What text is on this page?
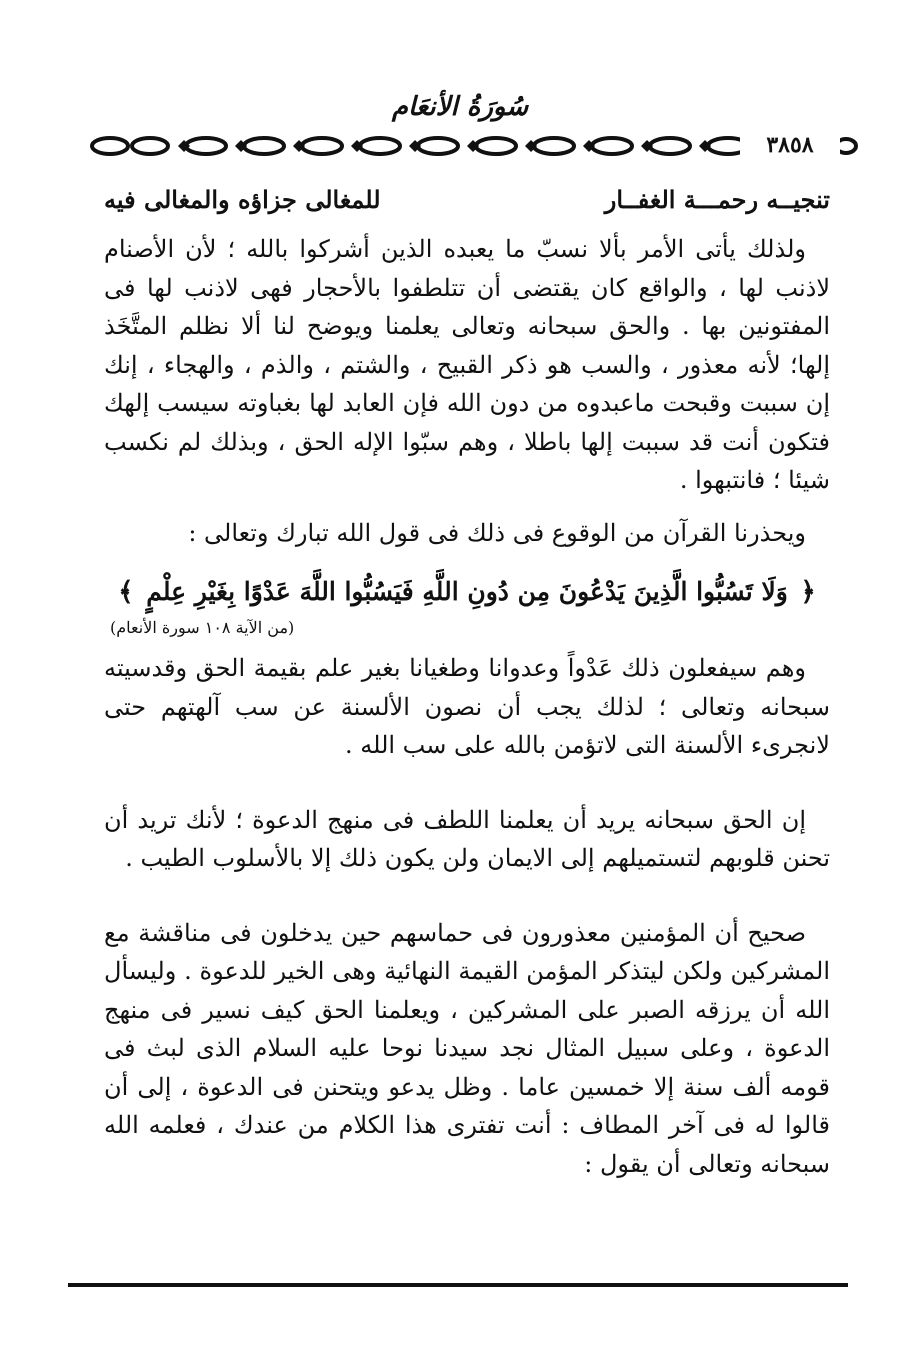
سُورَةُ الأنعَام
٣٨٥٨
للمغالى جزاؤه والمغالى فيه	تنجيــه رحمـــة الغفــار

ولذلك يأتى الأمر بألا نسبّ ما يعبده الذين أشركوا بالله ؛ لأن الأصنام لاذنب لها ، والواقع كان يقتضى أن تتلطفوا بالأحجار فهى لاذنب لها فى المفتونين بها . والحق سبحانه وتعالى يعلمنا ويوضح لنا ألا نظلم المتَّخَذ إلها؛ لأنه معذور ، والسب هو ذكر القبيح ، والشتم ، والذم ، والهجاء ، إنك إن سببت وقبحت ماعبدوه من دون الله فإن العابد لها بغباوته سيسب إلهك فتكون أنت قد سببت إلها باطلا ، وهم سبّوا الإله الحق ، وبذلك لم نكسب شيئا ؛ فانتبهوا .

ويحذرنا القرآن من الوقوع فى ذلك فى قول الله تبارك وتعالى :

﴿ وَلَا تَسُبُّوا الَّذِينَ يَدْعُونَ مِن دُونِ اللَّهِ فَيَسُبُّوا اللَّهَ عَدْوًا بِغَيْرِ عِلْمٍ ﴾
(من الآية ١٠٨ سورة الأنعام)

وهم سيفعلون ذلك عَدْواً وعدوانا وطغيانا بغير علم بقيمة الحق وقدسيته سبحانه وتعالى ؛ لذلك يجب أن نصون الألسنة عن سب آلهتهم حتى لانجرىء الألسنة التى لاتؤمن بالله على سب الله .

إن الحق سبحانه يريد أن يعلمنا اللطف فى منهج الدعوة ؛ لأنك تريد أن تحنن قلوبهم لتستميلهم إلى الايمان ولن يكون ذلك إلا بالأسلوب الطيب .

صحيح أن المؤمنين معذورون فى حماسهم حين يدخلون فى مناقشة مع المشركين ولكن ليتذكر المؤمن القيمة النهائية وهى الخير للدعوة . وليسأل الله أن يرزقه الصبر على المشركين ، ويعلمنا الحق كيف نسير فى منهج الدعوة ، وعلى سبيل المثال نجد سيدنا نوحا عليه السلام الذى لبث فى قومه ألف سنة إلا خمسين عاما . وظل يدعو ويتحنن فى الدعوة ، إلى أن قالوا له فى آخر المطاف : أنت تفترى هذا الكلام من عندك ، فعلمه الله سبحانه وتعالى أن يقول :
